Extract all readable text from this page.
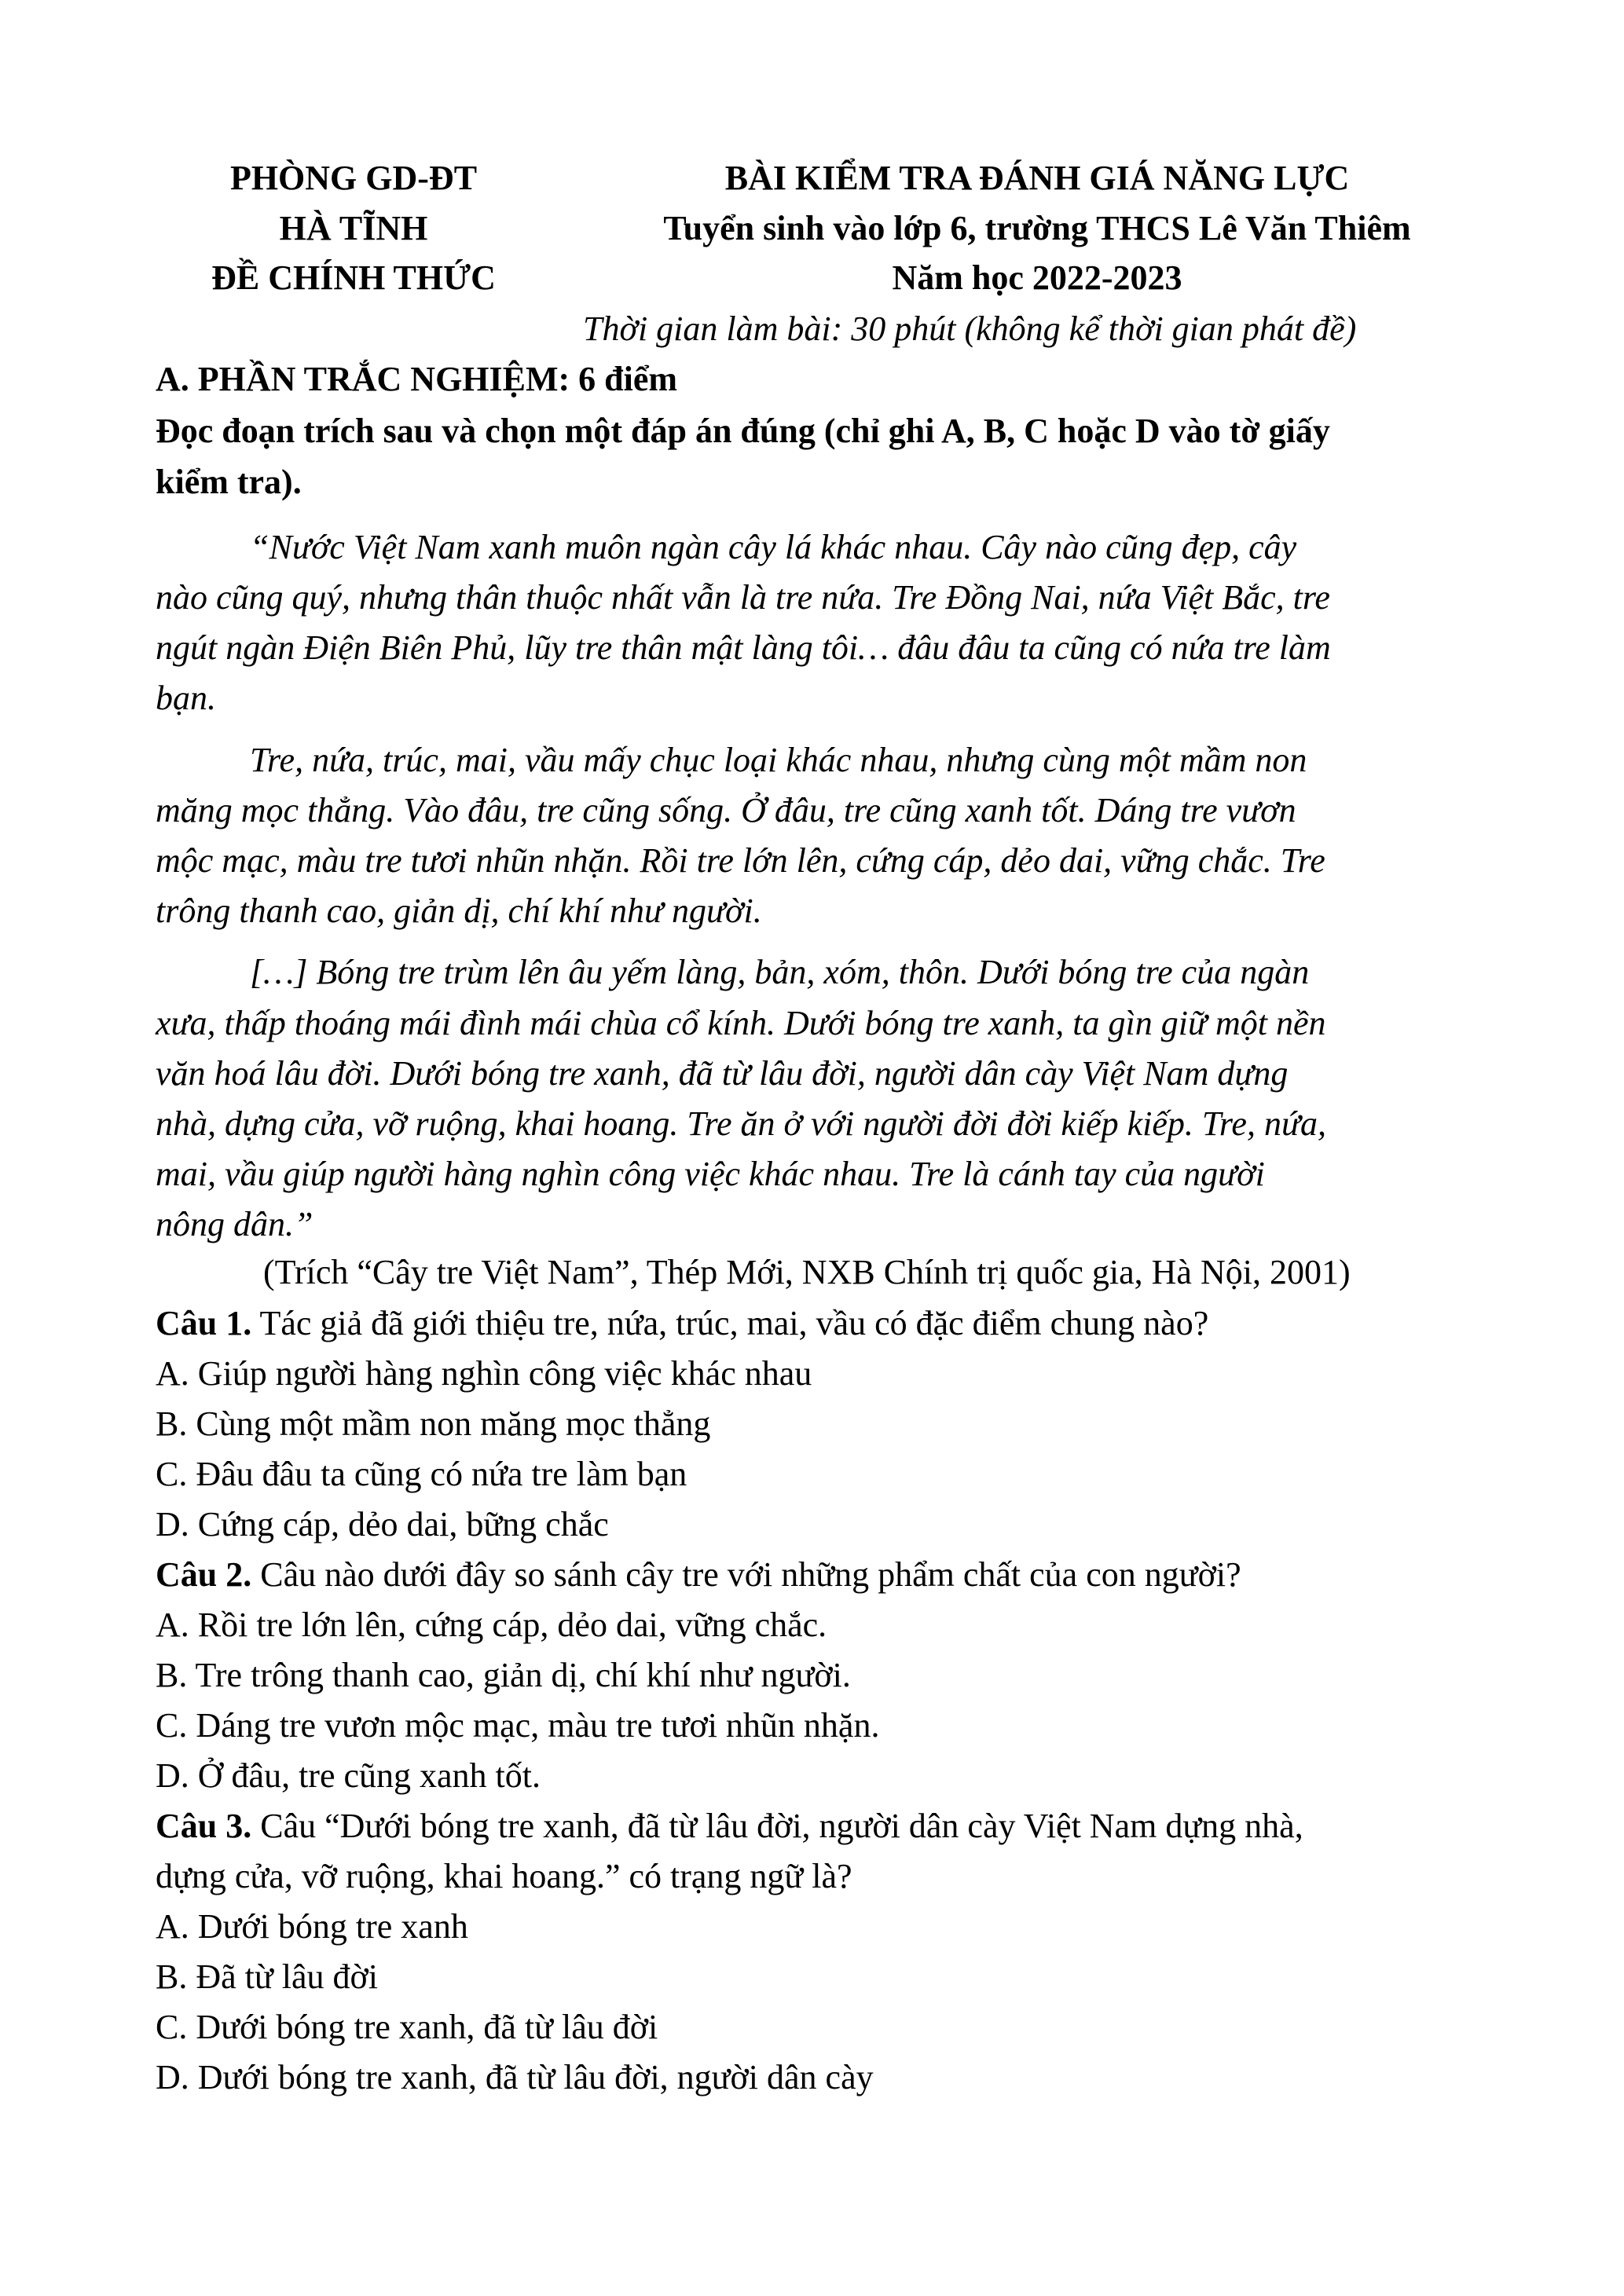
PHÒNG GD-ĐT
HÀ TĨNH
ĐỀ CHÍNH THỨC
BÀI KIỂM TRA ĐÁNH GIÁ NĂNG LỰC
Tuyển sinh vào lớp 6, trường THCS Lê Văn Thiêm
Năm học 2022-2023
Thời gian làm bài: 30 phút (không kể thời gian phát đề)
A. PHẦN TRẮC NGHIỆM: 6 điểm
Đọc đoạn trích sau và chọn một đáp án đúng (chỉ ghi A, B, C hoặc D vào tờ giấy
kiểm tra).
“Nước Việt Nam xanh muôn ngàn cây lá khác nhau. Cây nào cũng đẹp, cây
nào cũng quý, nhưng thân thuộc nhất vẫn là tre nứa. Tre Đồng Nai, nứa Việt Bắc, tre
ngút ngàn Điện Biên Phủ, lũy tre thân mật làng tôi… đâu đâu ta cũng có nứa tre làm
bạn.
Tre, nứa, trúc, mai, vầu mấy chục loại khác nhau, nhưng cùng một mầm non
măng mọc thẳng. Vào đâu, tre cũng sống. Ở đâu, tre cũng xanh tốt. Dáng tre vươn
mộc mạc, màu tre tươi nhũn nhặn. Rồi tre lớn lên, cứng cáp, dẻo dai, vững chắc. Tre
trông thanh cao, giản dị, chí khí như người.
[…] Bóng tre trùm lên âu yếm làng, bản, xóm, thôn. Dưới bóng tre của ngàn
xưa, thấp thoáng mái đình mái chùa cổ kính. Dưới bóng tre xanh, ta gìn giữ một nền
văn hoá lâu đời. Dưới bóng tre xanh, đã từ lâu đời, người dân cày Việt Nam dựng
nhà, dựng cửa, vỡ ruộng, khai hoang. Tre ăn ở với người đời đời kiếp kiếp. Tre, nứa,
mai, vầu giúp người hàng nghìn công việc khác nhau. Tre là cánh tay của người
nông dân.”
(Trích “Cây tre Việt Nam”, Thép Mới, NXB Chính trị quốc gia, Hà Nội, 2001)
Câu 1. Tác giả đã giới thiệu tre, nứa, trúc, mai, vầu có đặc điểm chung nào?
A. Giúp người hàng nghìn công việc khác nhau
B. Cùng một mầm non măng mọc thẳng
C. Đâu đâu ta cũng có nứa tre làm bạn
D. Cứng cáp, dẻo dai, bững chắc
Câu 2. Câu nào dưới đây so sánh cây tre với những phẩm chất của con người?
A. Rồi tre lớn lên, cứng cáp, dẻo dai, vững chắc.
B. Tre trông thanh cao, giản dị, chí khí như người.
C. Dáng tre vươn mộc mạc, màu tre tươi nhũn nhặn.
D. Ở đâu, tre cũng xanh tốt.
Câu 3. Câu “Dưới bóng tre xanh, đã từ lâu đời, người dân cày Việt Nam dựng nhà,
dựng cửa, vỡ ruộng, khai hoang.” có trạng ngữ là?
A. Dưới bóng tre xanh
B. Đã từ lâu đời
C. Dưới bóng tre xanh, đã từ lâu đời
D. Dưới bóng tre xanh, đã từ lâu đời, người dân cày
